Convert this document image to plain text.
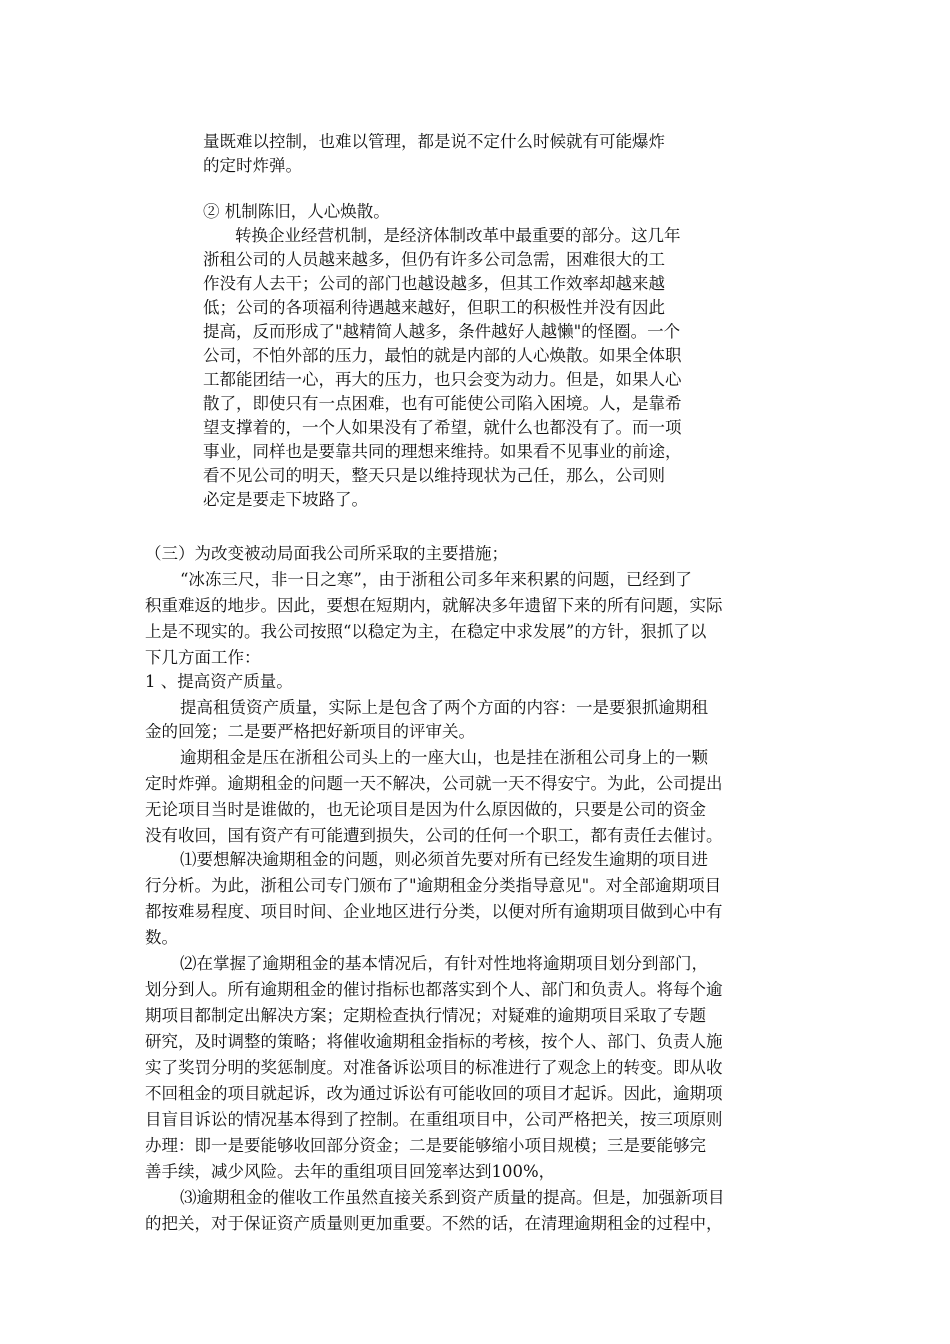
量既难以控制，也难以管理，都是说不定什么时候就有可能爆炸

的定时炸弹。

② 机制陈旧，人心焕散。

转换企业经营机制，是经济体制改革中最重要的部分。这几年

浙租公司的人员越来越多，但仍有许多公司急需，困难很大的工

作没有人去干；公司的部门也越设越多，但其工作效率却越来越

低；公司的各项福利待遇越来越好，但职工的积极性并没有因此

提高，反而形成了"越精简人越多，条件越好人越懒"的怪圈。一个

公司，不怕外部的压力，最怕的就是内部的人心焕散。如果全体职

工都能团结一心，再大的压力，也只会变为动力。但是，如果人心

散了，即使只有一点困难，也有可能使公司陷入困境。人，是靠希

望支撑着的，一个人如果没有了希望，就什么也都没有了。而一项

事业，同样也是要靠共同的理想来维持。如果看不见事业的前途，

看不见公司的明天，整天只是以维持现状为己任，那么，公司则

必定是要走下坡路了。

（三）为改变被动局面我公司所采取的主要措施；

“冰冻三尺，非一日之寒”，由于浙租公司多年来积累的问题，已经到了

积重难返的地步。因此，要想在短期内，就解决多年遗留下来的所有问题，实际

上是不现实的。我公司按照“以稳定为主，在稳定中求发展”的方针，狠抓了以

下几方面工作：

1 、提高资产质量。

提高租赁资产质量，实际上是包含了两个方面的内容：一是要狠抓逾期租

金的回笼；二是要严格把好新项目的评审关。

逾期租金是压在浙租公司头上的一座大山，也是挂在浙租公司身上的一颗

定时炸弹。逾期租金的问题一天不解决，公司就一天不得安宁。为此，公司提出

无论项目当时是谁做的，也无论项目是因为什么原因做的，只要是公司的资金

没有收回，国有资产有可能遭到损失，公司的任何一个职工，都有责任去催讨。

⑴要想解决逾期租金的问题，则必须首先要对所有已经发生逾期的项目进

行分析。为此，浙租公司专门颁布了"逾期租金分类指导意见"。对全部逾期项目

都按难易程度、项目时间、企业地区进行分类，以便对所有逾期项目做到心中有

数。

⑵在掌握了逾期租金的基本情况后，有针对性地将逾期项目划分到部门，

划分到人。所有逾期租金的催讨指标也都落实到个人、部门和负责人。将每个逾

期项目都制定出解决方案；定期检查执行情况；对疑难的逾期项目采取了专题

研究，及时调整的策略；将催收逾期租金指标的考核，按个人、部门、负责人施

实了奖罚分明的奖惩制度。对准备诉讼项目的标准进行了观念上的转变。即从收

不回租金的项目就起诉，改为通过诉讼有可能收回的项目才起诉。因此，逾期项

目盲目诉讼的情况基本得到了控制。在重组项目中，公司严格把关，按三项原则

办理：即一是要能够收回部分资金；二是要能够缩小项目规模；三是要能够完

善手续，减少风险。去年的重组项目回笼率达到100%，

⑶逾期租金的催收工作虽然直接关系到资产质量的提高。但是，加强新项目

的把关，对于保证资产质量则更加重要。不然的话，在清理逾期租金的过程中，
